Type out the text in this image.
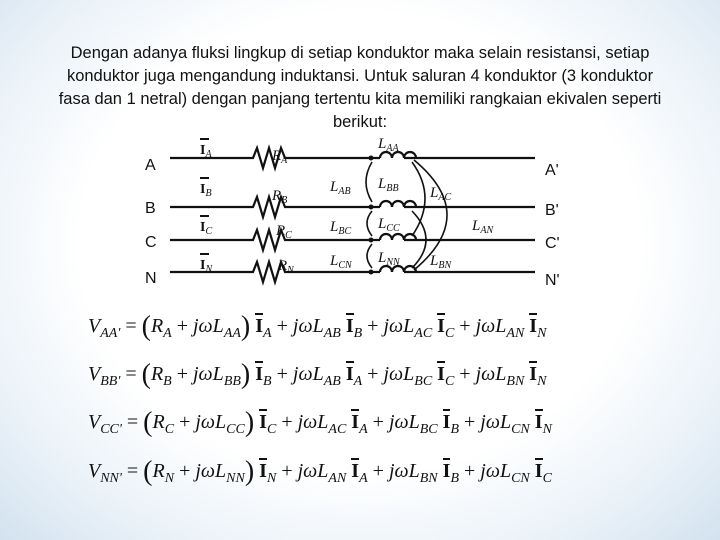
Dengan adanya fluksi lingkup di setiap konduktor maka selain resistansi, setiap konduktor juga mengandung induktansi. Untuk saluran 4 konduktor (3 konduktor fasa dan 1 netral) dengan panjang tertentu kita memiliki rangkaian ekivalen seperti berikut:
A
B
C
N
A'
B'
C'
N'
$I_A$
$I_B$
$I_C$
$I_N$
$R_A$
$R_B$
$R_C$
$R_N$
$L_{AA}$
$L_{BB}$
$L_{CC}$
$L_{NN}$
$L_{AB}$
$L_{BC}$
$L_{CN}$
$L_{AC}$
$L_{AN}$
$L_{BN}$
$V_{AA'} = (R_A + j\omega L_{AA}) I_A + j\omega L_{AB}$ $I_B + j\omega L_{AC}$ $I_C + j\omega L_{AN}$ $I_N$
$V_{BB'} = (R_B + j\omega L_{BB}) I_B + j\omega L_{AB}$ $I_A + j\omega L_{BC}$ $I_C + j\omega L_{BN}$ $I_N$
$V_{CC'} = (R_C + j\omega L_{CC}) I_C + j\omega L_{AC}$ $I_A + j\omega L_{BC}$ $I_B + j\omega L_{CN}$ $I_N$
$V_{NN'} = (R_N + j\omega L_{NN}) I_N + j\omega L_{AN}$ $I_A + j\omega L_{BN}$ $I_B + j\omega L_{CN}$ $I_C$
